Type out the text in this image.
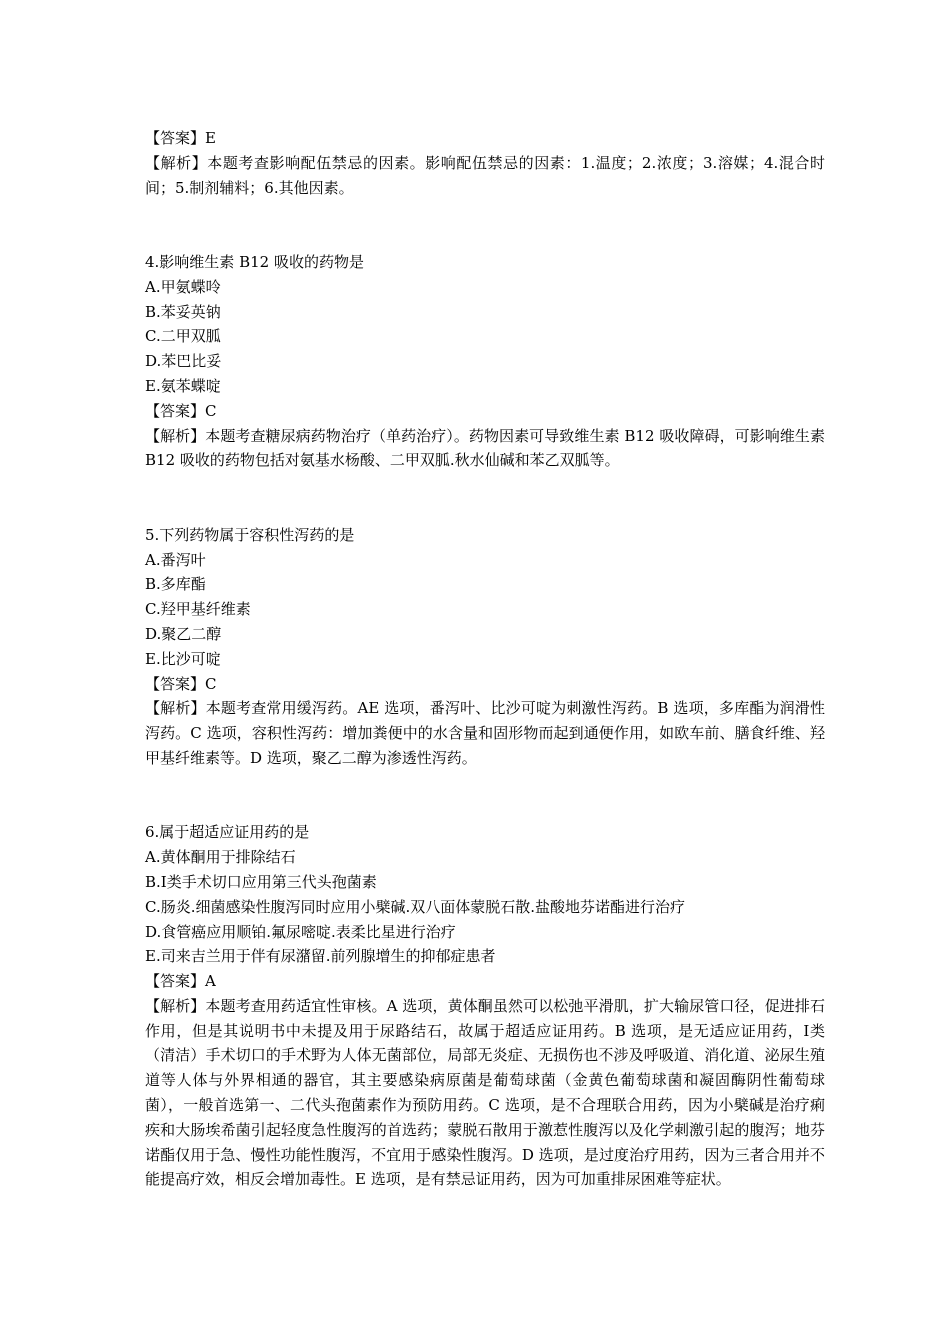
【答案】E

【解析】本题考查影响配伍禁忌的因素。影响配伍禁忌的因素：1.温度；2.浓度；3.溶媒；4.混合时间；5.制剂辅料；6.其他因素。

4.影响维生素 B12 吸收的药物是

A.甲氨蝶呤

B.苯妥英钠

C.二甲双胍

D.苯巴比妥

E.氨苯蝶啶

【答案】C

【解析】本题考查糖尿病药物治疗（单药治疗）。药物因素可导致维生素 B12 吸收障碍，可影响维生素 B12 吸收的药物包括对氨基水杨酸、二甲双胍.秋水仙碱和苯乙双胍等。

5.下列药物属于容积性泻药的是

A.番泻叶

B.多库酯

C.羟甲基纤维素

D.聚乙二醇

E.比沙可啶

【答案】C

【解析】本题考查常用缓泻药。AE 选项，番泻叶、比沙可啶为刺激性泻药。B 选项，多库酯为润滑性泻药。C 选项，容积性泻药：增加粪便中的水含量和固形物而起到通便作用，如欧车前、膳食纤维、羟甲基纤维素等。D 选项，聚乙二醇为渗透性泻药。

6.属于超适应证用药的是

A.黄体酮用于排除结石

B.Ⅰ类手术切口应用第三代头孢菌素

C.肠炎.细菌感染性腹泻同时应用小檗碱.双八面体蒙脱石散.盐酸地芬诺酯进行治疗

D.食管癌应用顺铂.氟尿嘧啶.表柔比星进行治疗

E.司来吉兰用于伴有尿潴留.前列腺增生的抑郁症患者

【答案】A

【解析】本题考查用药适宜性审核。A 选项，黄体酮虽然可以松弛平滑肌，扩大输尿管口径，促进排石作用，但是其说明书中未提及用于尿路结石，故属于超适应证用药。B 选项，是无适应证用药，Ⅰ类（清洁）手术切口的手术野为人体无菌部位，局部无炎症、无损伤也不涉及呼吸道、消化道、泌尿生殖道等人体与外界相通的器官，其主要感染病原菌是葡萄球菌（金黄色葡萄球菌和凝固酶阴性葡萄球菌），一般首选第一、二代头孢菌素作为预防用药。C 选项，是不合理联合用药，因为小檗碱是治疗痢疾和大肠埃希菌引起轻度急性腹泻的首选药；蒙脱石散用于激惹性腹泻以及化学刺激引起的腹泻；地芬诺酯仅用于急、慢性功能性腹泻，不宜用于感染性腹泻。D 选项，是过度治疗用药，因为三者合用并不能提高疗效，相反会增加毒性。E 选项，是有禁忌证用药，因为可加重排尿困难等症状。
